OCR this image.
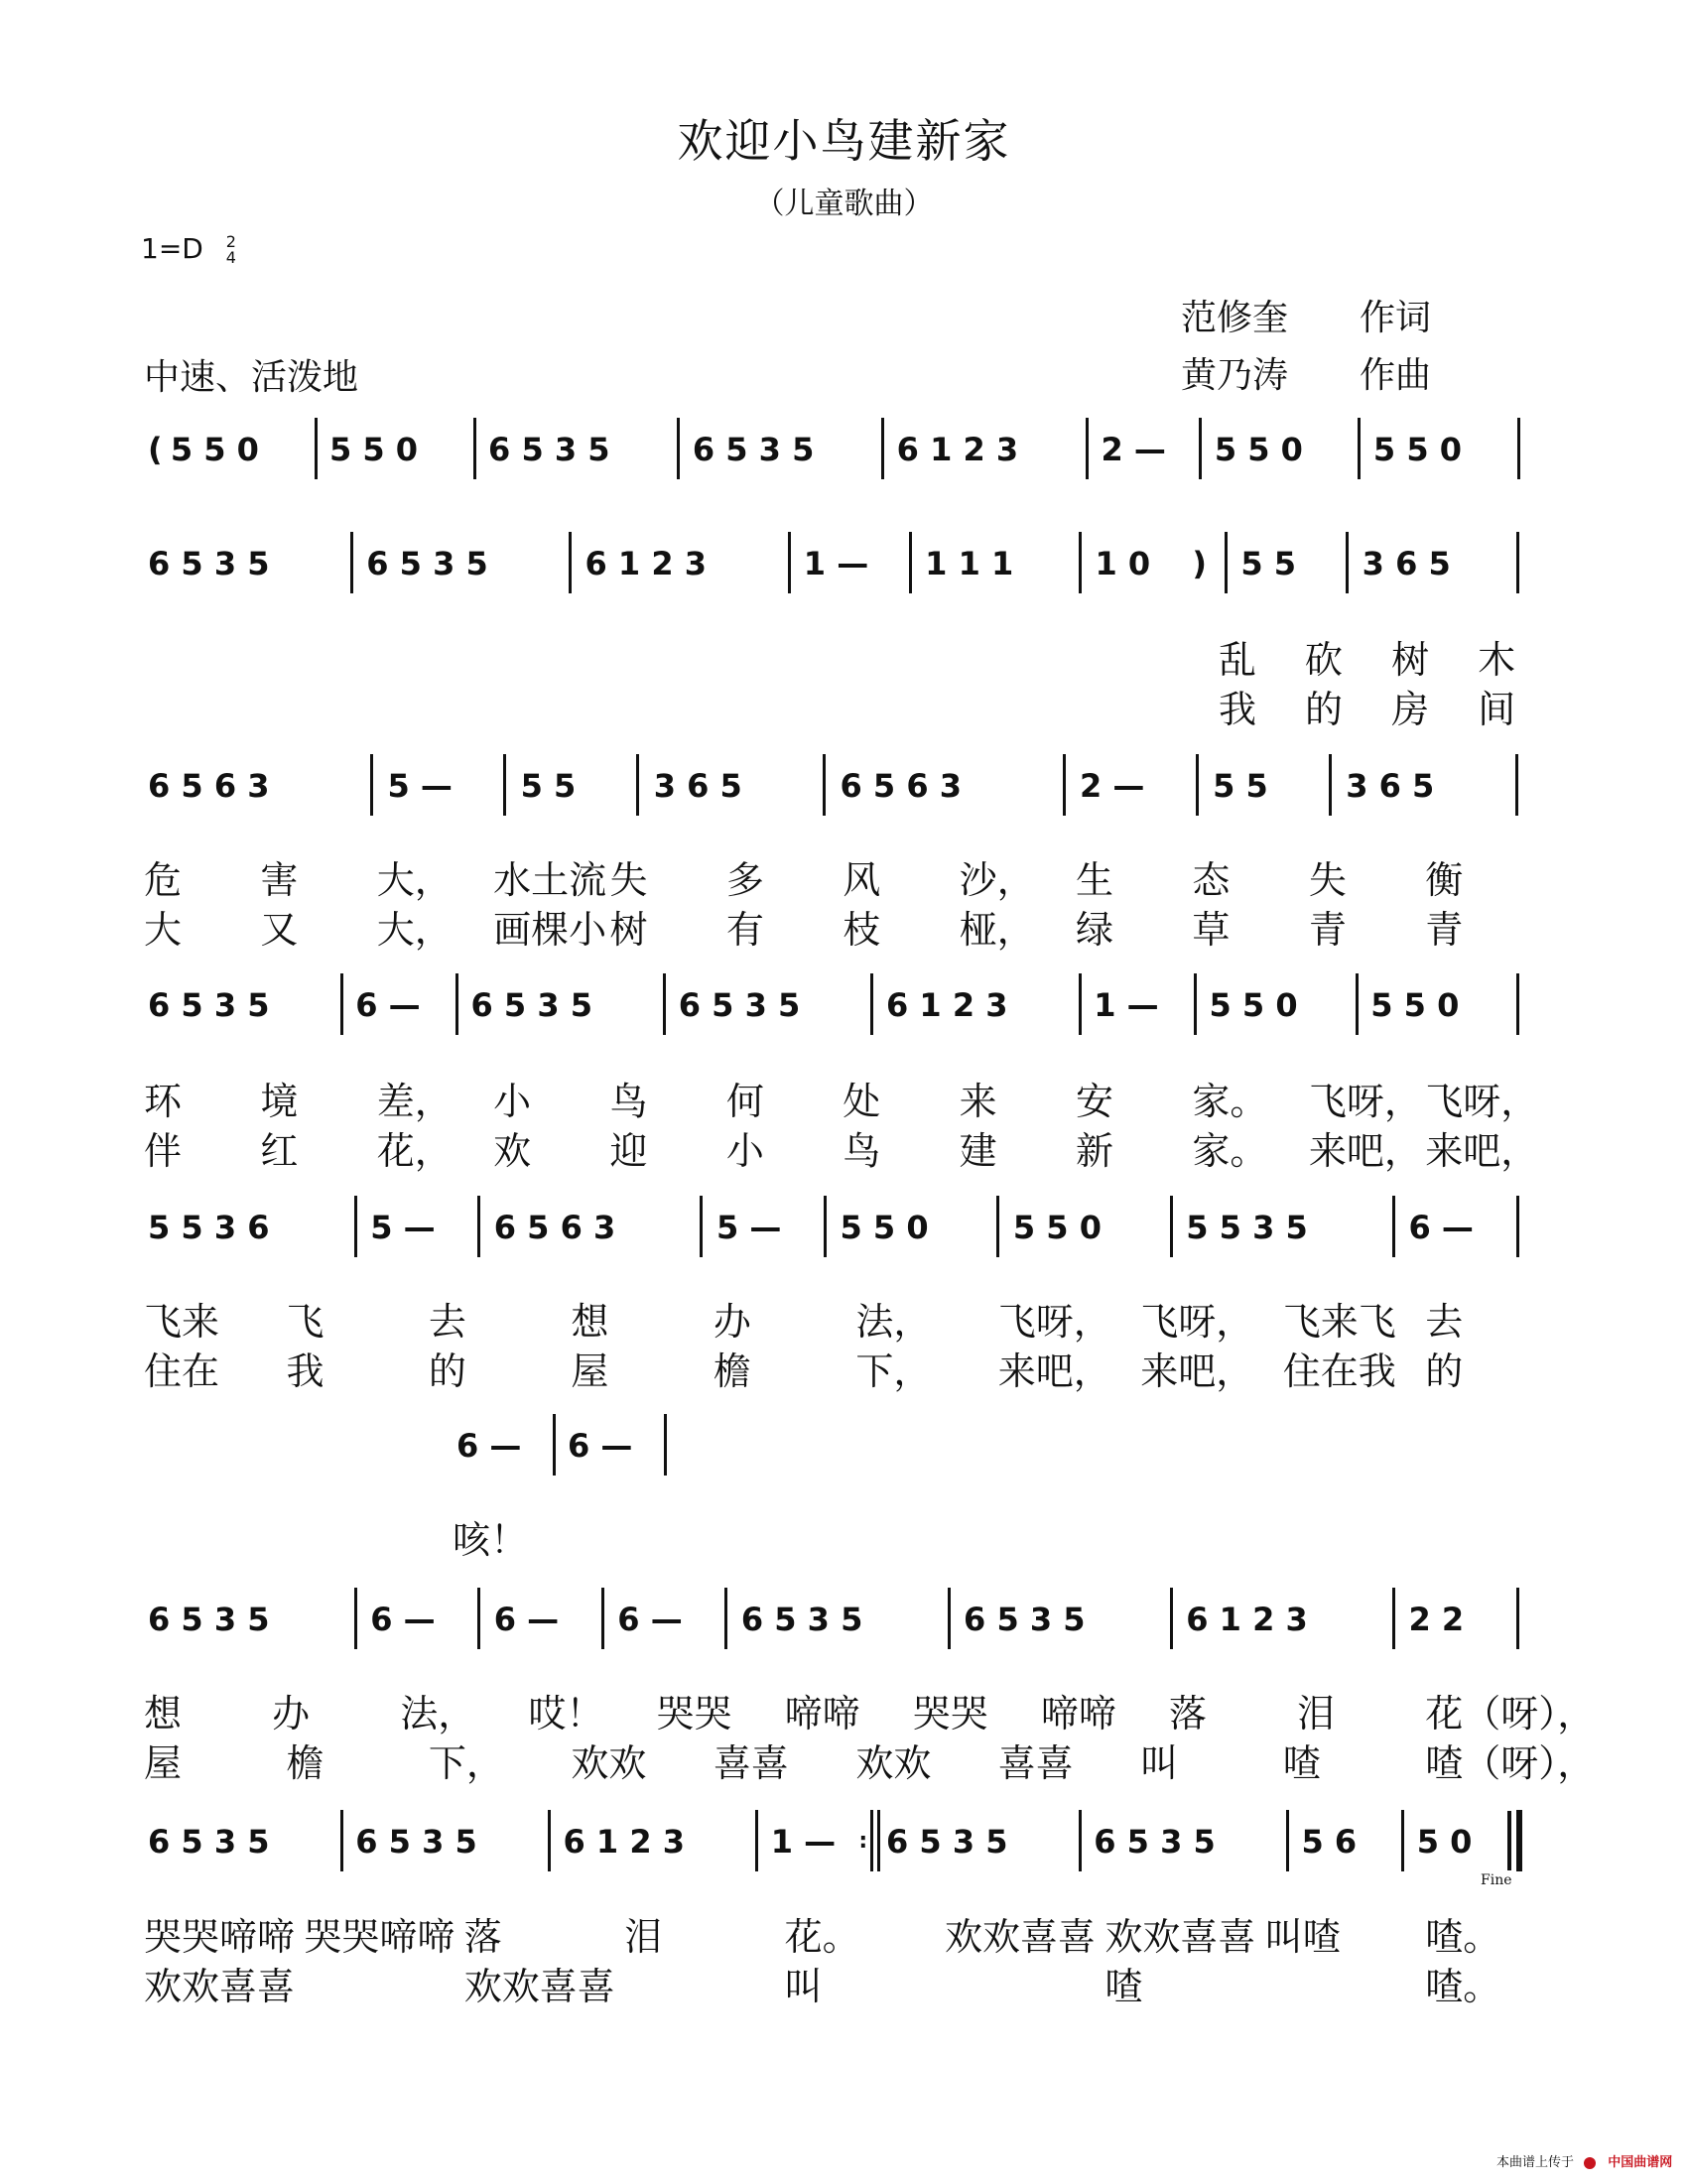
欢迎小鸟建新家
（儿童歌曲）
1=D 2
4
范修奎 作词
黄乃涛 作曲
中速、活泼地
( 5 5 0 5 5 0 6 5 3 5	6 5 3 5	6 1 2 3	2 — 5 5 0 5 5 0
6 5 3 5	6 5 3 5	6 1 2 3	1 — 1 1 1	1 0 ) 5 5 3 6 5
乱 砍 树 木
我 的 房 间
6 5 6 3	5 — 5 5 3 6 5	6 5 6 3	2 — 5 5 3 6 5
危 害 大， 水土流 失 多 风 沙， 生 态 失 衡
大 又 大， 画棵小 树 有 枝 桠， 绿 草 青 青
6 5 3 5	6 — 6 5 3 5	6 5 3 5	6 1 2 3	1 — 5 5 0 5 5 0
环 境 差， 小 鸟 何 处 来 安 家。 飞呀， 飞呀，
伴 红 花， 欢 迎 小 鸟 建 新 家。 来吧， 来吧，
5 5 3 6	5 — 6 5 6 3	5 — 5 5 0	5 5 0	5 5 3 5	6 —
飞来 飞	去	想	办	法， 飞呀， 飞呀， 飞来飞 去
住在 我	的	屋	檐	下， 来吧， 来吧， 住在我 的
6 — 6 —
咳！
6 5 3 5	6 — 6 — 6 — 6 5 3 5	6 5 3 5	6 1 2 3	2 2
想 办 法， 哎！ 哭哭 啼啼 哭哭 啼啼 落 泪 花（呀），
屋	檐	下， 欢欢 喜喜 欢欢 喜喜 叫	喳	喳（呀），
6 5 3 5	6 5 3 5	6 1 2 3	1 — : 6 5 3 5	6 5 3 5	5 6 5 0
哭哭啼啼 哭哭啼啼 落	泪	花。 欢欢喜喜 欢欢喜喜 叫喳 喳。
欢欢喜喜	欢欢喜喜	叫	喳	喳。
Fine
本曲谱上传于	中国曲谱网
